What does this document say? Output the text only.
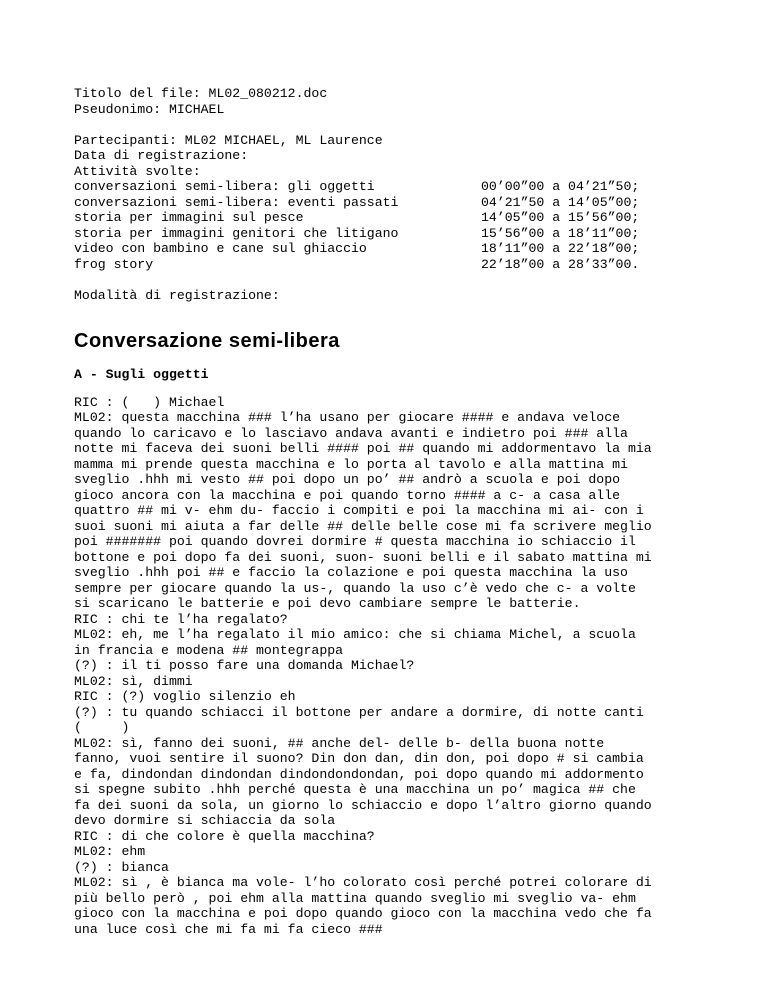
Titolo del file: ML02_080212.doc
Pseudonimo: MICHAEL
Partecipanti: ML02 MICHAEL, ML Laurence
Data di registrazione:
Attività svolte:
conversazioni semi-libera: gli oggetti
conversazioni semi-libera: eventi passati
storia per immagini sul pesce
storia per immagini genitori che litigano
video con bambino e cane sul ghiaccio
frog story
00’00”00 a 04’21”50;
04’21”50 a 14’05”00;
14’05”00 a 15’56”00;
15’56”00 a 18’11”00;
18’11”00 a 22’18”00;
22’18”00 a 28’33”00.
Modalità di registrazione:
Conversazione semi-libera
A - Sugli oggetti
RIC : (   ) Michael
ML02: questa macchina ### l’ha usano per giocare #### e andava veloce
quando lo caricavo e lo lasciavo andava avanti e indietro poi ### alla
notte mi faceva dei suoni belli #### poi ## quando mi addormentavo la mia
mamma mi prende questa macchina e lo porta al tavolo e alla mattina mi
sveglio .hhh mi vesto ## poi dopo un po’ ## andrò a scuola e poi dopo
gioco ancora con la macchina e poi quando torno #### a c- a casa alle
quattro ## mi v- ehm du- faccio i compiti e poi la macchina mi ai- con i
suoi suoni mi aiuta a far delle ## delle belle cose mi fa scrivere meglio
poi ####### poi quando dovrei dormire # questa macchina io schiaccio il
bottone e poi dopo fa dei suoni, suon- suoni belli e il sabato mattina mi
sveglio .hhh poi ## e faccio la colazione e poi questa macchina la uso
sempre per giocare quando la us-, quando la uso c’è vedo che c- a volte
si scaricano le batterie e poi devo cambiare sempre le batterie.
RIC : chi te l’ha regalato?
ML02: eh, me l’ha regalato il mio amico: che si chiama Michel, a scuola
in francia e modena ## montegrappa
(?) : il ti posso fare una domanda Michael?
ML02: sì, dimmi
RIC : (?) voglio silenzio eh
(?) : tu quando schiacci il bottone per andare a dormire, di notte canti
(     )
ML02: sì, fanno dei suoni, ## anche del- delle b- della buona notte
fanno, vuoi sentire il suono? Din don dan, din don, poi dopo # si cambia
e fa, dindondan dindondan dindondondondan, poi dopo quando mi addormento
si spegne subito .hhh perché questa è una macchina un po’ magica ## che
fa dei suoni da sola, un giorno lo schiaccio e dopo l’altro giorno quando
devo dormire si schiaccia da sola
RIC : di che colore è quella macchina?
ML02: ehm
(?) : bianca
ML02: sì , è bianca ma vole- l’ho colorato così perché potrei colorare di
più bello però , poi ehm alla mattina quando sveglio mi sveglio va- ehm
gioco con la macchina e poi dopo quando gioco con la macchina vedo che fa
una luce così che mi fa mi fa cieco ###
